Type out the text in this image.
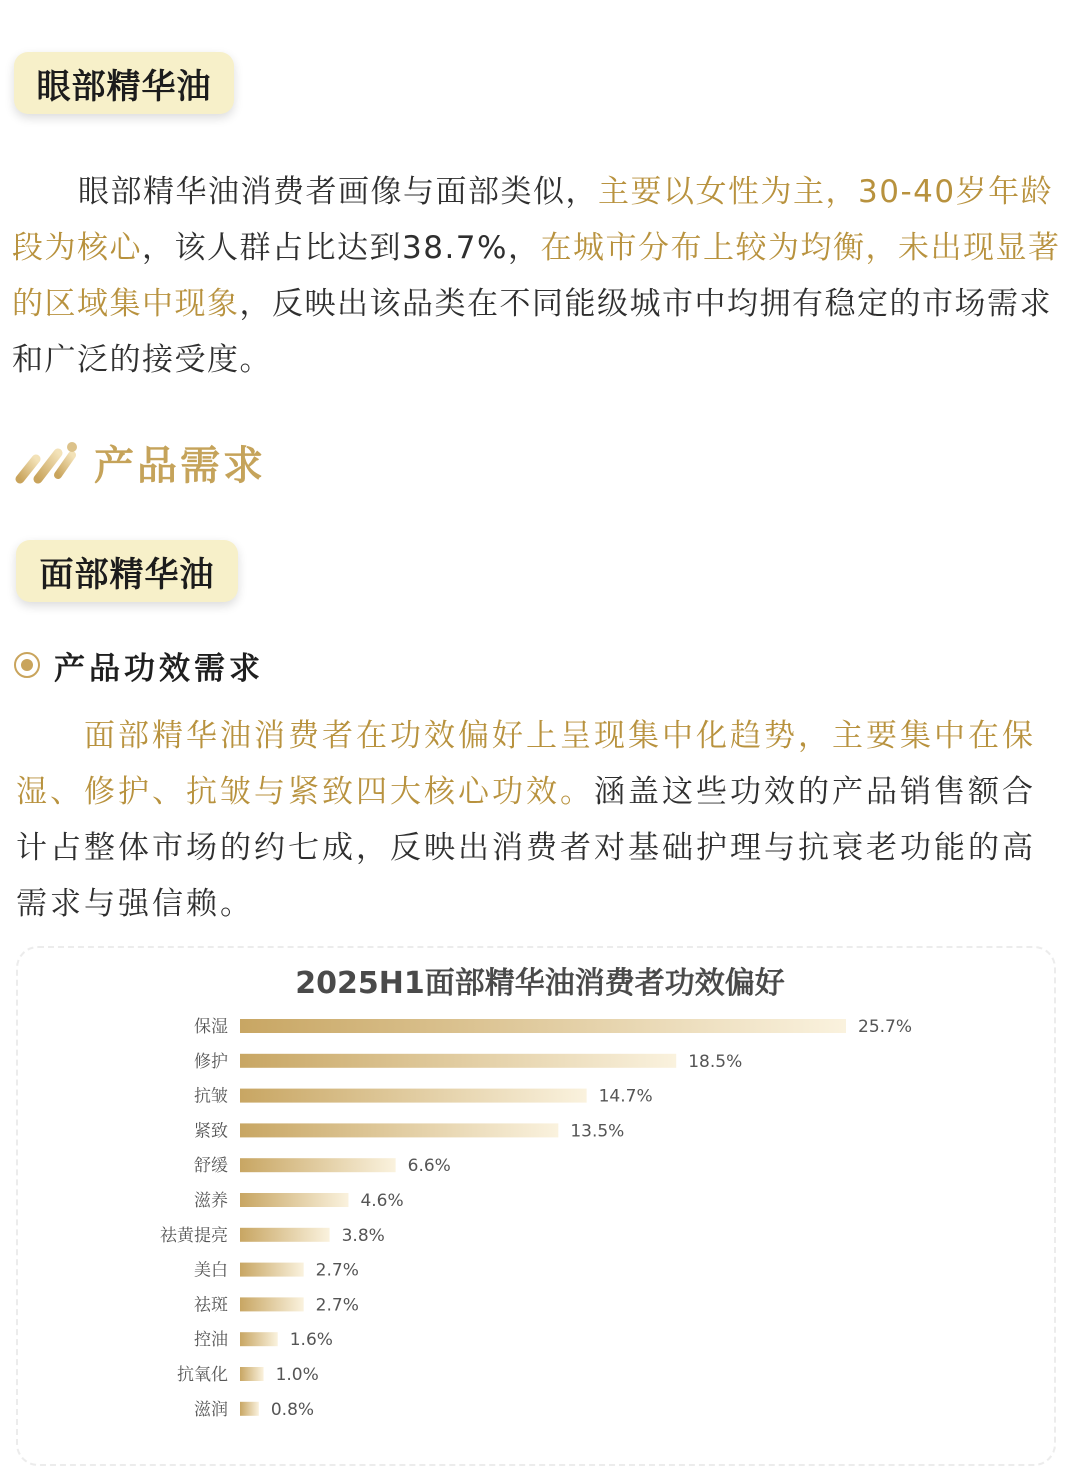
眼部精华油

眼部精华油消费者画像与面部类似，主要以女性为主，30-40岁年龄段为核心，该人群占比达到38.7%，在城市分布上较为均衡，未出现显著的区域集中现象，反映出该品类在不同能级城市中均拥有稳定的市场需求和广泛的接受度。

产品需求
面部精华油
产品功效需求

面部精华油消费者在功效偏好上呈现集中化趋势，主要集中在保湿、修护、抗皱与紧致四大核心功效。涵盖这些功效的产品销售额合计占整体市场的约七成，反映出消费者对基础护理与抗衰老功能的高需求与强信赖。

2025H1面部精华油消费者功效偏好
保湿	25.7%
修护	18.5%
抗皱	14.7%
紧致	13.5%
舒缓	6.6%
滋养	4.6%
祛黄提亮	3.8%
美白	2.7%
祛斑	2.7%
控油	1.6%
抗氧化	1.0%
滋润	0.8%
